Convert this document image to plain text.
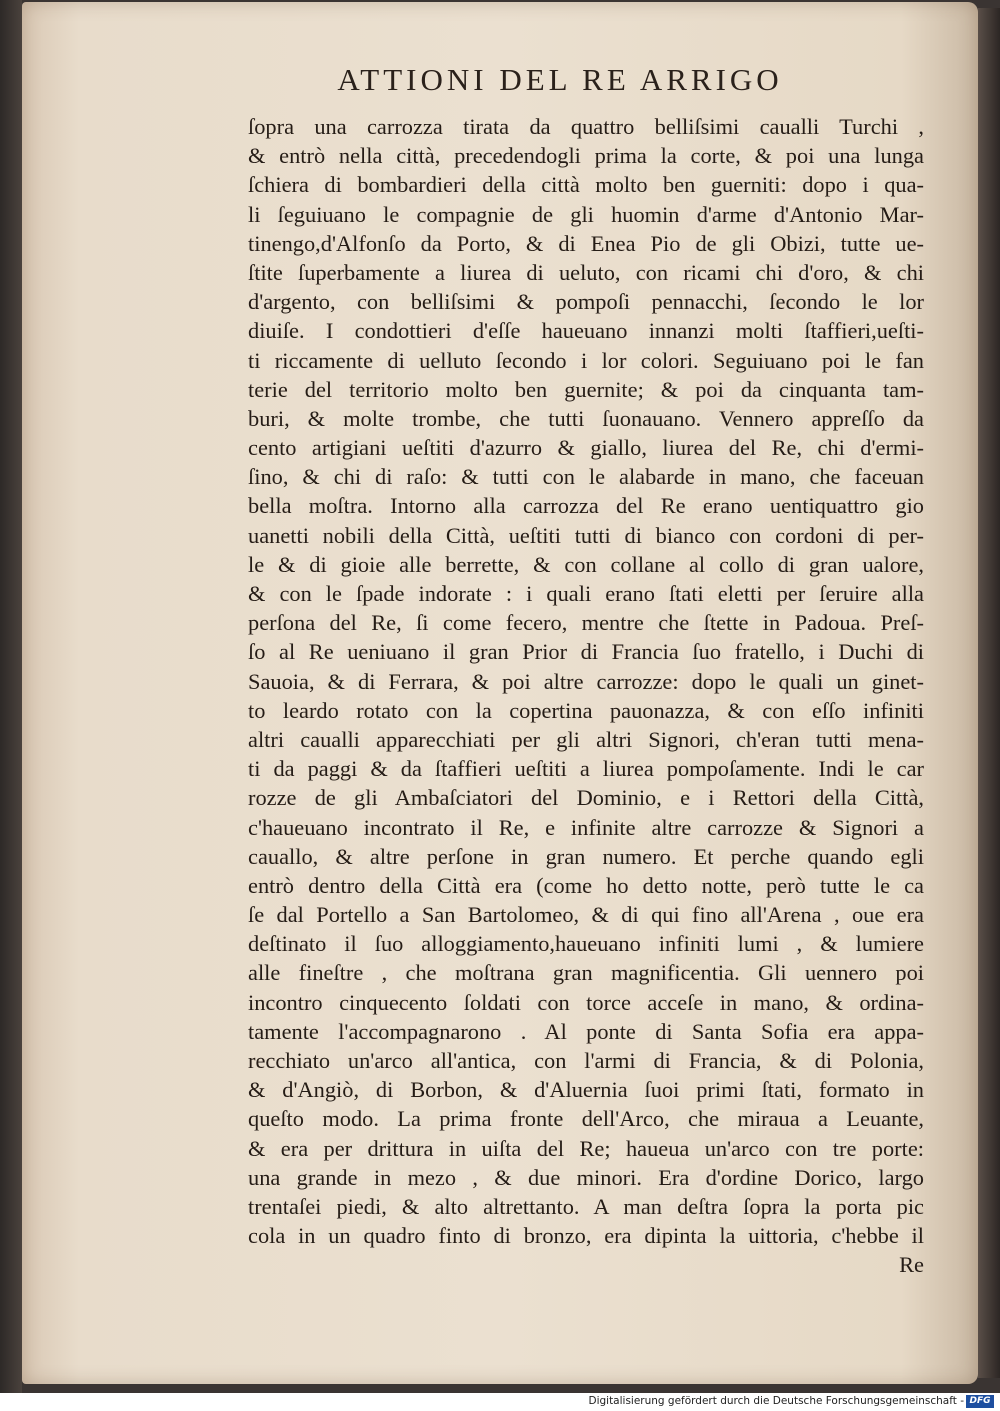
ATTIONI DEL RE ARRIGO
ſopra una carrozza tirata da quattro belliſsimi caualli Turchi ,
& entrò nella città, precedendogli prima la corte, & poi una lunga
ſchiera di bombardieri della città molto ben guerniti: dopo i qua-
li ſeguiuano le compagnie de gli huomin d'arme d'Antonio Mar-
tinengo,d'Alfonſo da Porto, & di Enea Pio de gli Obizi, tutte ue-
ſtite ſuperbamente a liurea di ueluto, con ricami chi d'oro, & chi
d'argento, con belliſsimi & pompoſi pennacchi, ſecondo le lor
diuiſe. I condottieri d'eſſe haueuano innanzi molti ſtaffieri,ueſti-
ti riccamente di uelluto ſecondo i lor colori. Seguiuano poi le fan
terie del territorio molto ben guernite; & poi da cinquanta tam-
buri, & molte trombe, che tutti ſuonauano. Vennero appreſſo da
cento artigiani ueſtiti d'azurro & giallo, liurea del Re, chi d'ermi-
ſino, & chi di raſo: & tutti con le alabarde in mano, che faceuan
bella moſtra. Intorno alla carrozza del Re erano uentiquattro gio
uanetti nobili della Città, ueſtiti tutti di bianco con cordoni di per-
le & di gioie alle berrette, & con collane al collo di gran ualore,
& con le ſpade indorate : i quali erano ſtati eletti per ſeruire alla
perſona del Re, ſi come fecero, mentre che ſtette in Padoua. Preſ-
ſo al Re ueniuano il gran Prior di Francia ſuo fratello, i Duchi di
Sauoia, & di Ferrara, & poi altre carrozze: dopo le quali un ginet-
to leardo rotato con la copertina pauonazza, & con eſſo infiniti
altri caualli apparecchiati per gli altri Signori, ch'eran tutti mena-
ti da paggi & da ſtaffieri ueſtiti a liurea pompoſamente. Indi le car
rozze de gli Ambaſciatori del Dominio, e i Rettori della Città,
c'haueuano incontrato il Re, e infinite altre carrozze & Signori a
cauallo, & altre perſone in gran numero. Et perche quando egli
entrò dentro della Città era (come ho detto notte, però tutte le ca
ſe dal Portello a San Bartolomeo, & di qui fino all'Arena , oue era
deſtinato il ſuo alloggiamento,haueuano infiniti lumi , & lumiere
alle fineſtre , che moſtrana gran magnificentia. Gli uennero poi
incontro cinquecento ſoldati con torce acceſe in mano, & ordina-
tamente l'accompagnarono . Al ponte di Santa Sofia era appa-
recchiato un'arco all'antica, con l'armi di Francia, & di Polonia,
& d'Angiò, di Borbon, & d'Aluernia ſuoi primi ſtati, formato in
queſto modo. La prima fronte dell'Arco, che miraua a Leuante,
& era per drittura in uiſta del Re; haueua un'arco con tre porte:
una grande in mezo , & due minori. Era d'ordine Dorico, largo
trentaſei piedi, & alto altrettanto. A man deſtra ſopra la porta pic
cola in un quadro finto di bronzo, era dipinta la uittoria, c'hebbe il
Re
Digitalisierung gefördert durch die Deutsche Forschungsgemeinschaft - DFG
